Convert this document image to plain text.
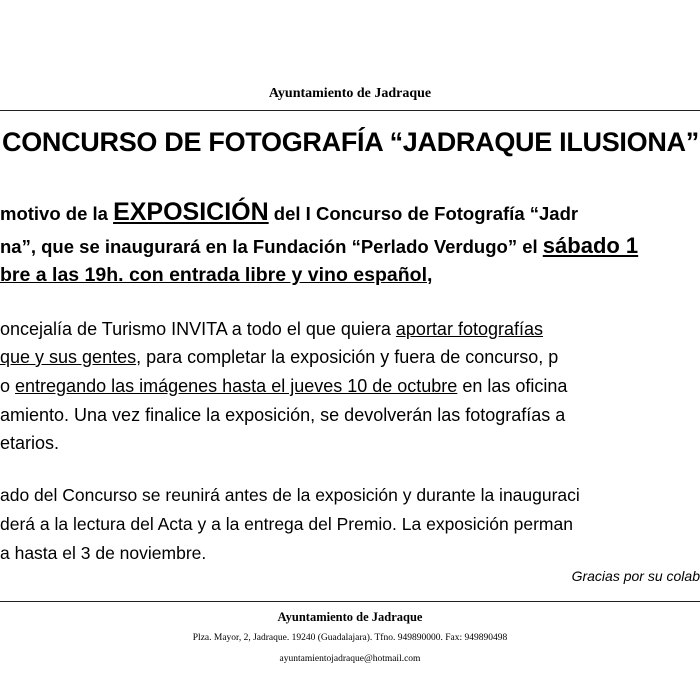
Ayuntamiento de Jadraque
CONCURSO DE FOTOGRAFÍA “JADRAQUE ILUSIONA”
motivo de la EXPOSICIÓN del I Concurso de Fotografía “Jadr
na”, que se inaugurará en la Fundación “Perlado Verdugo” el sábado 1
bre a las 19h. con entrada libre y vino español,
oncejalía de Turismo INVITA a todo el que quiera aportar fotografías
que y sus gentes, para completar la exposición y fuera de concurso, p
o entregando las imágenes hasta el jueves 10 de octubre en las oficina
amiento. Una vez finalice la exposición, se devolverán las fotografías a
etarios.
ado del Concurso se reunirá antes de la exposición y durante la inauguraci
derá a la lectura del Acta y a la entrega del Premio. La exposición perman
a hasta el 3 de noviembre.
Gracias por su colab
Ayuntamiento de Jadraque
Plza. Mayor, 2, Jadraque. 19240 (Guadalajara). Tfno. 949890000. Fax: 949890498
ayuntamientojadraque@hotmail.com
